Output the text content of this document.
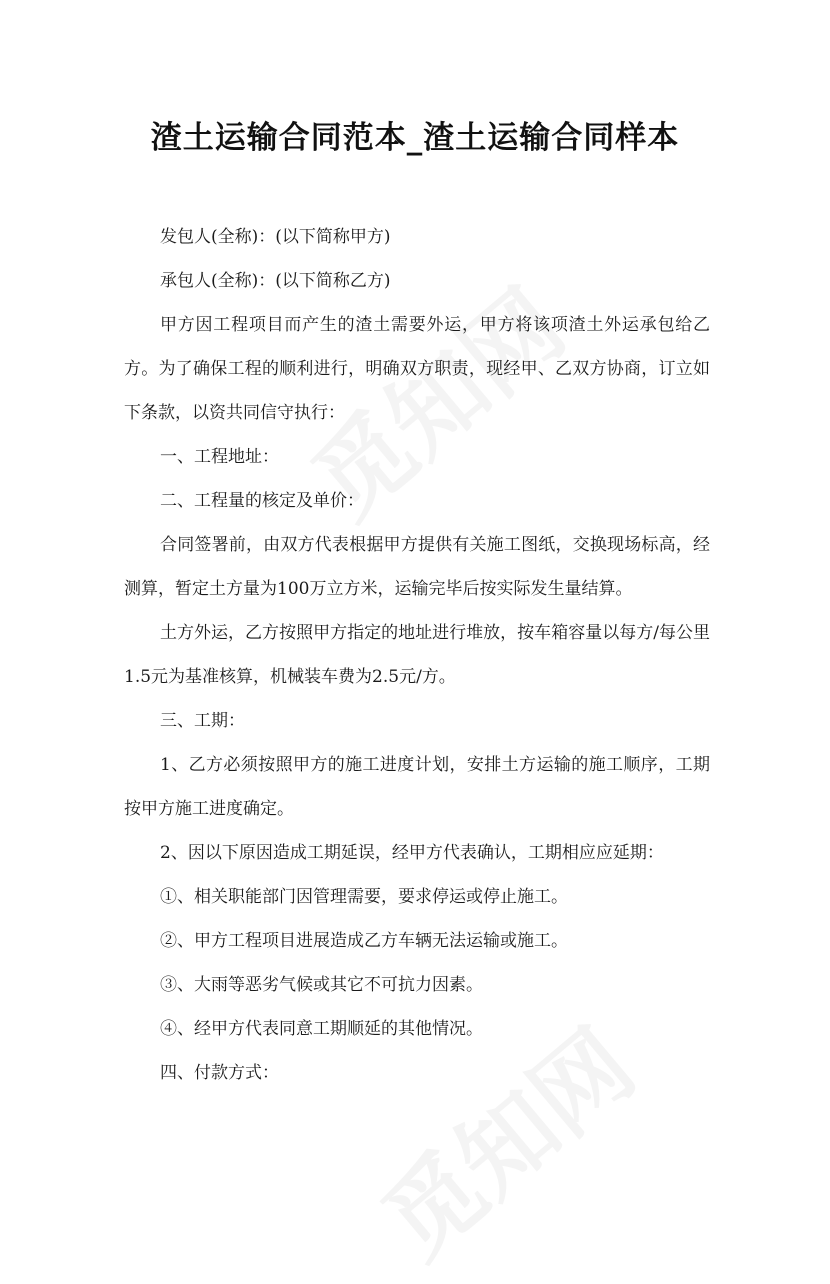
渣土运输合同范本_渣土运输合同样本

发包人(全称)：(以下简称甲方)

承包人(全称)：(以下简称乙方)

甲方因工程项目而产生的渣土需要外运，甲方将该项渣土外运承包给乙方。为了确保工程的顺利进行，明确双方职责，现经甲、乙双方协商，订立如下条款，以资共同信守执行：

一、工程地址：

二、工程量的核定及单价：

合同签署前，由双方代表根据甲方提供有关施工图纸，交换现场标高，经测算，暂定土方量为100万立方米，运输完毕后按实际发生量结算。

土方外运，乙方按照甲方指定的地址进行堆放，按车箱容量以每方/每公里1.5元为基准核算，机械装车费为2.5元/方。

三、工期：

1、乙方必须按照甲方的施工进度计划，安排土方运输的施工顺序，工期按甲方施工进度确定。

2、因以下原因造成工期延误，经甲方代表确认，工期相应应延期：

①、相关职能部门因管理需要，要求停运或停止施工。

②、甲方工程项目进展造成乙方车辆无法运输或施工。

③、大雨等恶劣气候或其它不可抗力因素。

④、经甲方代表同意工期顺延的其他情况。

四、付款方式：
